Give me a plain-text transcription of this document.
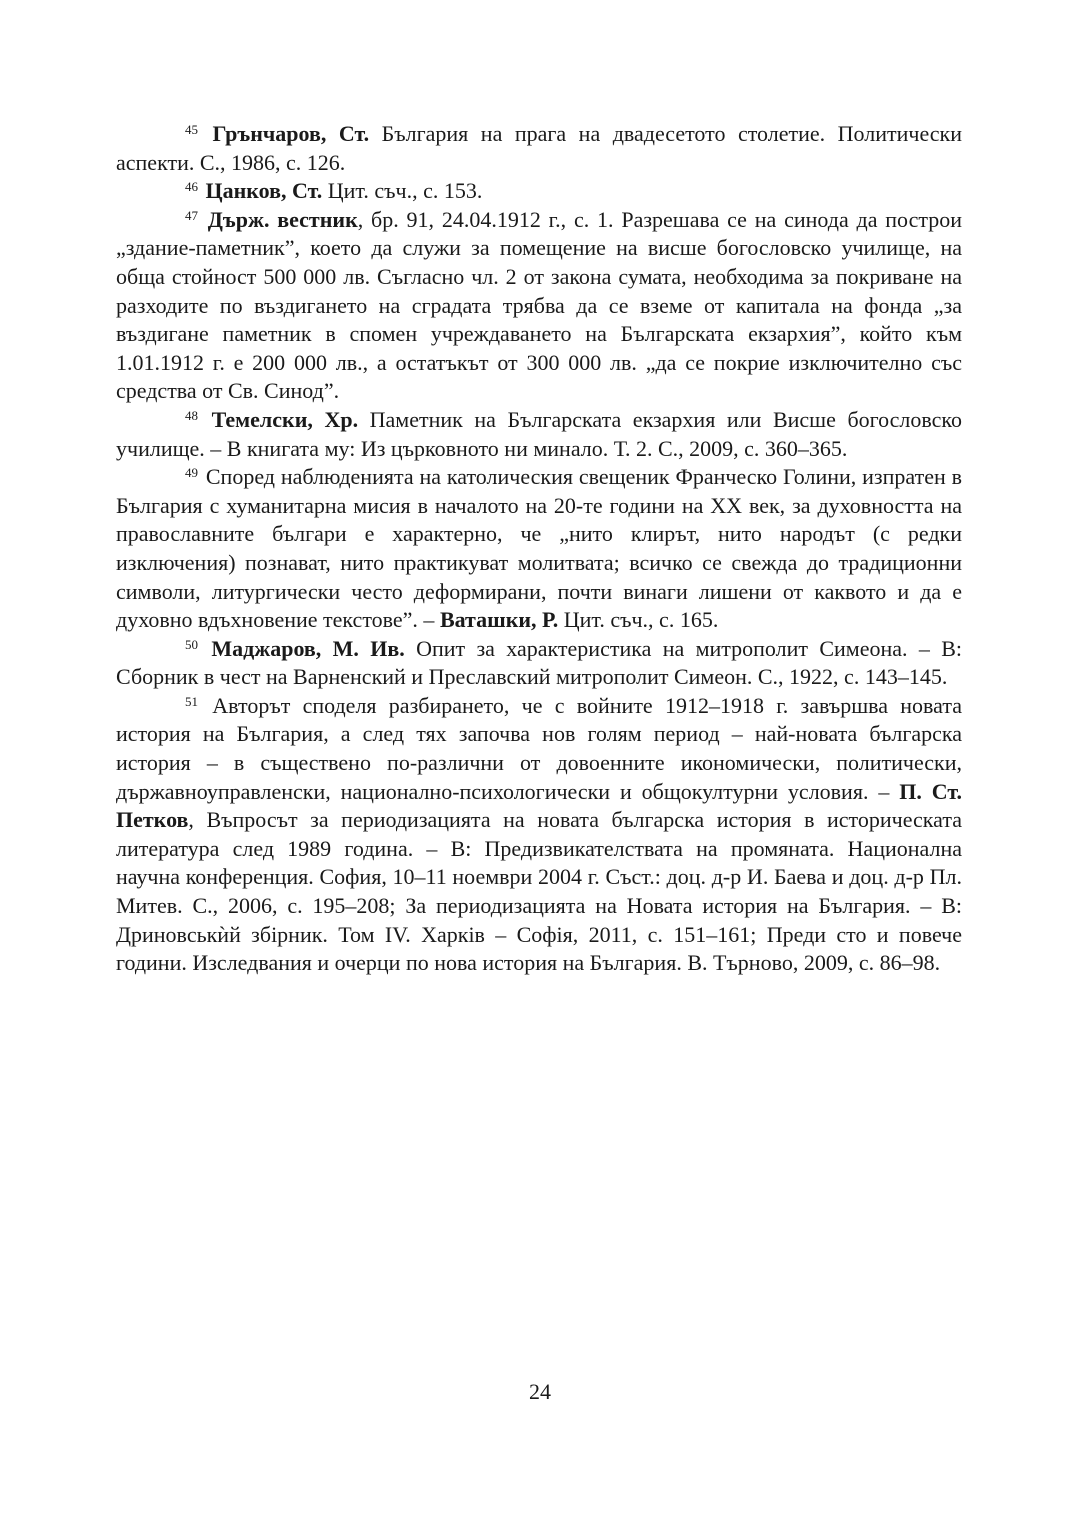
$^{45}$ Грънчаров, Ст. България на прага на двадесетото столетие. Политически аспекти. С., 1986, с. 126.

$^{46}$ Цанков, Ст. Цит. съч., с. 153.

$^{47}$ Държ. вестник, бр. 91, 24.04.1912 г., с. 1. Разрешава се на синода да построи „здание-паметник”, което да служи за помещение на висше богословско училище, на обща стойност 500 000 лв. Съгласно чл. 2 от закона сумата, необходима за покриване на разходите по въздигането на сградата трябва да се вземе от капитала на фонда „за въздигане паметник в спомен учреждаването на Българската екзархия”, който към 1.01.1912 г. е 200 000 лв., а остатъкът от 300 000 лв. „да се покрие изключително със средства от Св. Синод”.

$^{48}$ Темелски, Хр. Паметник на Българската екзархия или Висше богословско училище. – В книгата му: Из църковното ни минало. Т. 2. С., 2009, с. 360–365.

$^{49}$ Според наблюденията на католическия свещеник Франческо Голини, изпратен в България с хуманитарна мисия в началото на 20-те години на ХХ век, за духовността на православните българи е характерно, че „нито клирът, нито народът (с редки изключения) познават, нито практикуват молитвата; всичко се свежда до традиционни символи, литургически често деформирани, почти винаги лишени от каквото и да е духовно вдъхновение текстове”. – Ваташки, Р. Цит. съч., с. 165.

$^{50}$ Маджаров, М. Ив. Опит за характеристика на митрополит Симеона. – В: Сборник в чест на Варненский и Преславский митрополит Симеон. С., 1922, с. 143–145.

$^{51}$ Авторът споделя разбирането, че с войните 1912–1918 г. завършва новата история на България, а след тях започва нов голям период – най-новата българска история – в съществено по-различни от довоенните икономически, политически, държавноуправленски, национално-психологически и общокултурни условия. – П. Ст. Петков, Въпросът за периодизацията на новата българска история в историческата литература след 1989 година. – В: Предизвикателствата на промяната. Национална научна конференция. София, 10–11 ноември 2004 г. Съст.: доц. д-р И. Баева и доц. д-р Пл. Митев. С., 2006, с. 195–208; За периодизацията на Новата история на България. – В: Дриновськѝй збірник. Том IV. Харків – Софія, 2011, с. 151–161; Преди сто и повече години. Изследвания и очерци по нова история на България. В. Търново, 2009, с. 86–98.

24
